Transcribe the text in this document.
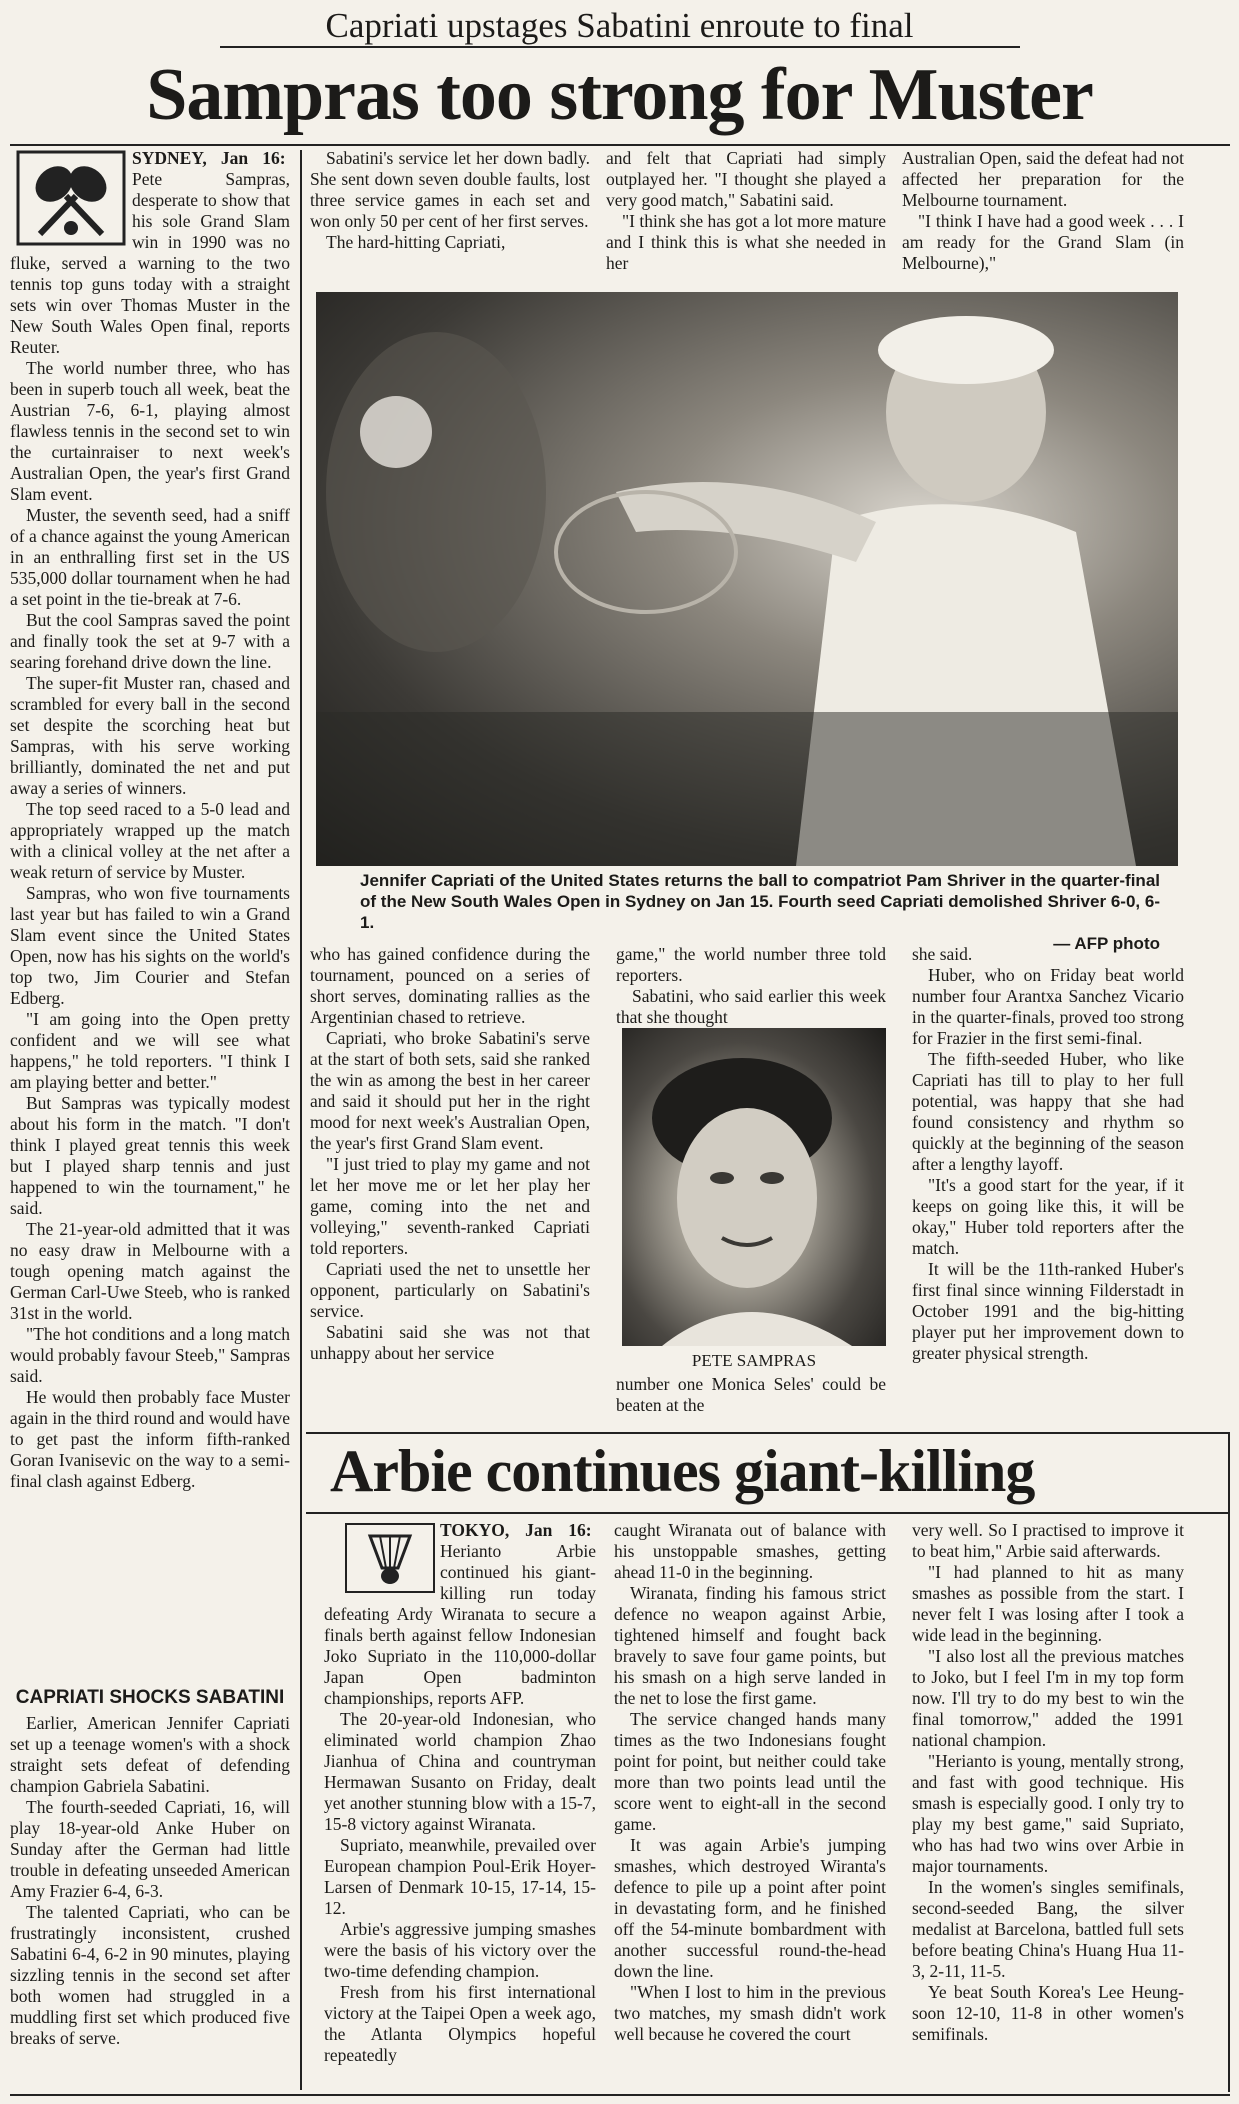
Capriati upstages Sabatini enroute to final
Sampras too strong for Muster

SYDNEY, Jan 16:  Pete Sampras, desperate to show that his sole Grand Slam win in 1990 was no fluke, served a warning to the two tennis top guns today with a straight sets win over Thomas Muster in the New South Wales Open final, reports Reuter.

The world number three, who has been in superb touch all week, beat the Austrian 7-6, 6-1, playing almost flawless tennis in the second set to win the curtainraiser to next week's Australian Open, the year's first Grand Slam event.

Muster, the seventh seed, had a sniff of a chance against the young American in an enthralling first set in the US 535,000 dollar tournament when he had a set point in the tie-break at 7-6.

But the cool Sampras saved the point and finally took the set at 9-7 with a searing forehand drive down the line.

The super-fit Muster ran, chased and scrambled for every ball in the second set despite the scorching heat but Sampras, with his serve working brilliantly, dominated the net and put away a series of winners.

The top seed raced to a 5-0 lead and appropriately wrapped up the match with a clinical volley at the net after a weak return of service by Muster.

Sampras, who won five tournaments last year but has failed to win a Grand Slam event since the United States Open, now has his sights on the world's top two, Jim Courier and Stefan Edberg.

"I am going into the Open pretty confident and we will see what happens," he told reporters. "I think I am playing better and better."

But Sampras was typically modest about his form in the match. "I don't think I played great tennis this week but I played sharp tennis and just happened to win the tournament," he said.

The 21-year-old admitted that it was no easy draw in Melbourne with a tough opening match against the German Carl-Uwe Steeb, who is ranked 31st in the world.

"The hot conditions and a long match would probably favour Steeb," Sampras said.

He would then probably face Muster again in the third round and would have to get past the inform fifth-ranked Goran Ivanisevic on the way to a semi-final clash against Edberg.

CAPRIATI SHOCKS SABATINI

Earlier, American Jennifer Capriati set up a teenage women's with a shock straight sets defeat of defending champion Gabriela Sabatini.

The fourth-seeded Capriati, 16, will play 18-year-old Anke Huber on Sunday after the German had little trouble in defeating unseeded American Amy Frazier 6-4, 6-3.

The talented Capriati, who can be frustratingly inconsistent, crushed Sabatini 6-4, 6-2 in 90 minutes, playing sizzling tennis in the second set after both women had struggled in a muddling first set which produced five breaks of serve.

Sabatini's service let her down badly. She sent down seven double faults, lost three service games in each set and won only 50 per cent of her first serves.

The hard-hitting Capriati,

and felt that Capriati had simply outplayed her. "I thought she played a very good match," Sabatini said.

"I think she has got a lot more mature and I think this is what she needed in her

Australian Open, said the defeat had not affected her preparation for the Melbourne tournament.

"I think I have had a good week . . . I am ready for the Grand Slam (in Melbourne),"

Jennifer Capriati of the United States returns the ball to compatriot Pam Shriver in the quarter-final of the New South Wales Open in Sydney on Jan 15. Fourth seed Capriati demolished Shriver 6-0, 6-1.
— AFP photo

who has gained confidence during the tournament, pounced on a series of short serves, dominating rallies as the Argentinian chased to retrieve.

Capriati, who broke Sabatini's serve at the start of both sets, said she ranked the win as among the best in her career and said it should put her in the right mood for next week's Australian Open, the year's first Grand Slam event.

"I just tried to play my game and not let her move me or let her play her game, coming into the net and volleying," seventh-ranked Capriati told reporters.

Capriati used the net to unsettle her opponent, particularly on Sabatini's service.

Sabatini said she was not that unhappy about her service

game," the world number three told reporters.

Sabatini, who said earlier this week that she thought

PETE SAMPRAS

number one Monica Seles' could be beaten at the

she said.

Huber, who on Friday beat world number four Arantxa Sanchez Vicario in the quarter-finals, proved too strong for Frazier in the first semi-final.

The fifth-seeded Huber, who like Capriati has till to play to her full potential, was happy that she had found consistency and rhythm so quickly at the beginning of the season after a lengthy layoff.

"It's a good start for the year, if it keeps on going like this, it will be okay," Huber told reporters after the match.

It will be the 11th-ranked Huber's first final since winning Filderstadt in October 1991 and the big-hitting player put her improvement down to greater physical strength.

Arbie continues giant-killing

TOKYO, Jan 16:  Herianto Arbie continued his giant-killing run today defeating Ardy Wiranata to secure a finals berth against fellow Indonesian Joko Supriato in the 110,000-dollar Japan Open badminton championships, reports AFP.

The 20-year-old Indonesian, who eliminated world champion Zhao Jianhua of China and countryman Hermawan Susanto on Friday, dealt yet another stunning blow with a 15-7, 15-8 victory against Wiranata.

Supriato, meanwhile, prevailed over European champion Poul-Erik Hoyer-Larsen of Denmark 10-15, 17-14, 15-12.

Arbie's aggressive jumping smashes were the basis of his victory over the two-time defending champion.

Fresh from his first international victory at the Taipei Open a week ago, the Atlanta Olympics hopeful repeatedly

caught Wiranata out of balance with his unstoppable smashes, getting ahead 11-0 in the beginning.

Wiranata, finding his famous strict defence no weapon against Arbie, tightened himself and fought back bravely to save four game points, but his smash on a high serve landed in the net to lose the first game.

The service changed hands many times as the two Indonesians fought point for point, but neither could take more than two points lead until the score went to eight-all in the second game.

It was again Arbie's jumping smashes, which destroyed Wiranta's defence to pile up a point after point in devastating form, and he finished off the 54-minute bombardment with another successful round-the-head down the line.

"When I lost to him in the previous two matches, my smash didn't work well because he covered the court

very well. So I practised to improve it to beat him," Arbie said afterwards.

"I had planned to hit as many smashes as possible from the start. I never felt I was losing after I took a wide lead in the beginning.

"I also lost all the previous matches to Joko, but I feel I'm in my top form now. I'll try to do my best to win the final tomorrow," added the 1991 national champion.

"Herianto is young, mentally strong, and fast with good technique. His smash is especially good. I only try to play my best game," said Supriato, who has had two wins over Arbie in major tournaments.

In the women's singles semifinals, second-seeded Bang, the silver medalist at Barcelona, battled full sets before beating China's Huang Hua 11-3, 2-11, 11-5.

Ye beat South Korea's Lee Heung-soon 12-10, 11-8 in other women's semifinals.
